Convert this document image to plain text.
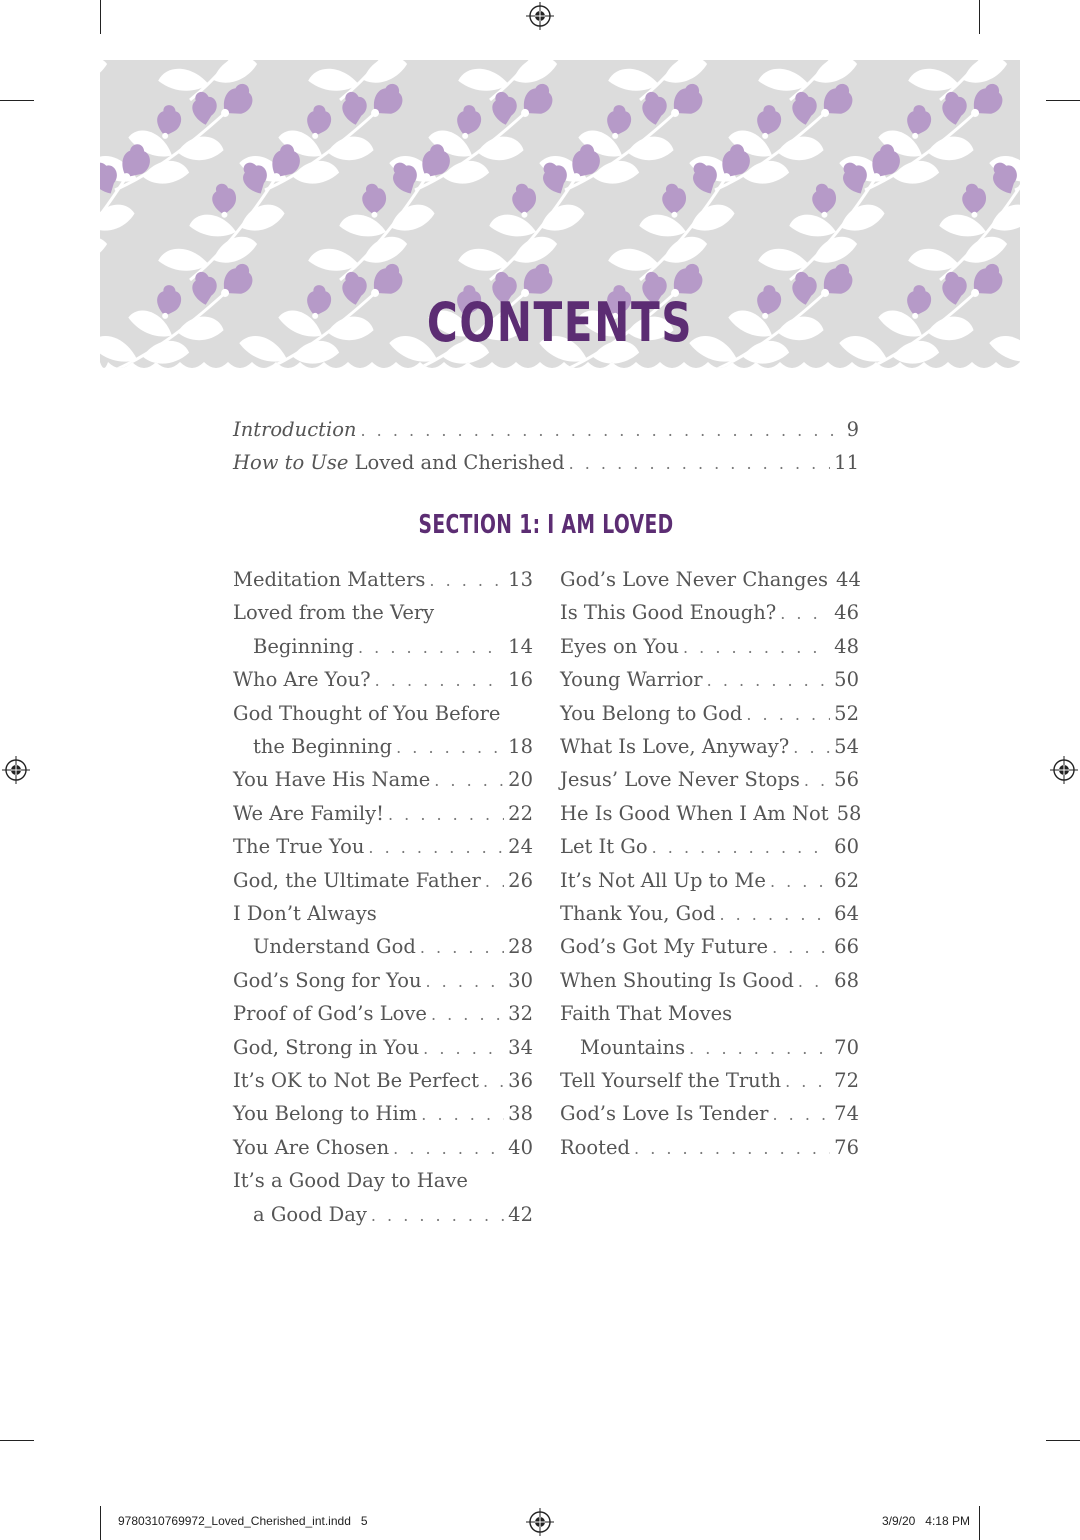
CONTENTS
Introduction . . .	9
How to Use Loved and Cherished . . .	11
SECTION 1: I AM LOVED
Meditation Matters . . .	13
Loved from the Very
Beginning . . .	14
Who Are You? . . .	16
God Thought of You Before
the Beginning . . .	18
You Have His Name . . .	20
We Are Family! . . .	22
The True You . . .	24
God, the Ultimate Father . . . 26
I Don’t Always
Understand God . . .	28
God’s Song for You . . .	30
Proof of God’s Love . . .	32
God, Strong in You . . .	34
It’s OK to Not Be Perfect . . . 36
You Belong to Him . . .	38
You Are Chosen . . .	40
It’s a Good Day to Have
a Good Day . . .	42
God’s Love Never Changes 44
Is This Good Enough? . . .	46
Eyes on You . . .	48
Young Warrior . . .	50
You Belong to God . . .	52
What Is Love, Anyway? . . . 54
Jesus’ Love Never Stops . . . 56
He Is Good When I Am Not 58
Let It Go . . .	60
It’s Not All Up to Me . . .	62
Thank You, God . . .	64
God’s Got My Future . . .	66
When Shouting Is Good . . . 68
Faith That Moves
Mountains . . .	70
Tell Yourself the Truth . . .	72
God’s Love Is Tender . . .	74
Rooted . . .	76
9780310769972_Loved_Cherished_int.indd   5	3/9/20   4:18 PM
